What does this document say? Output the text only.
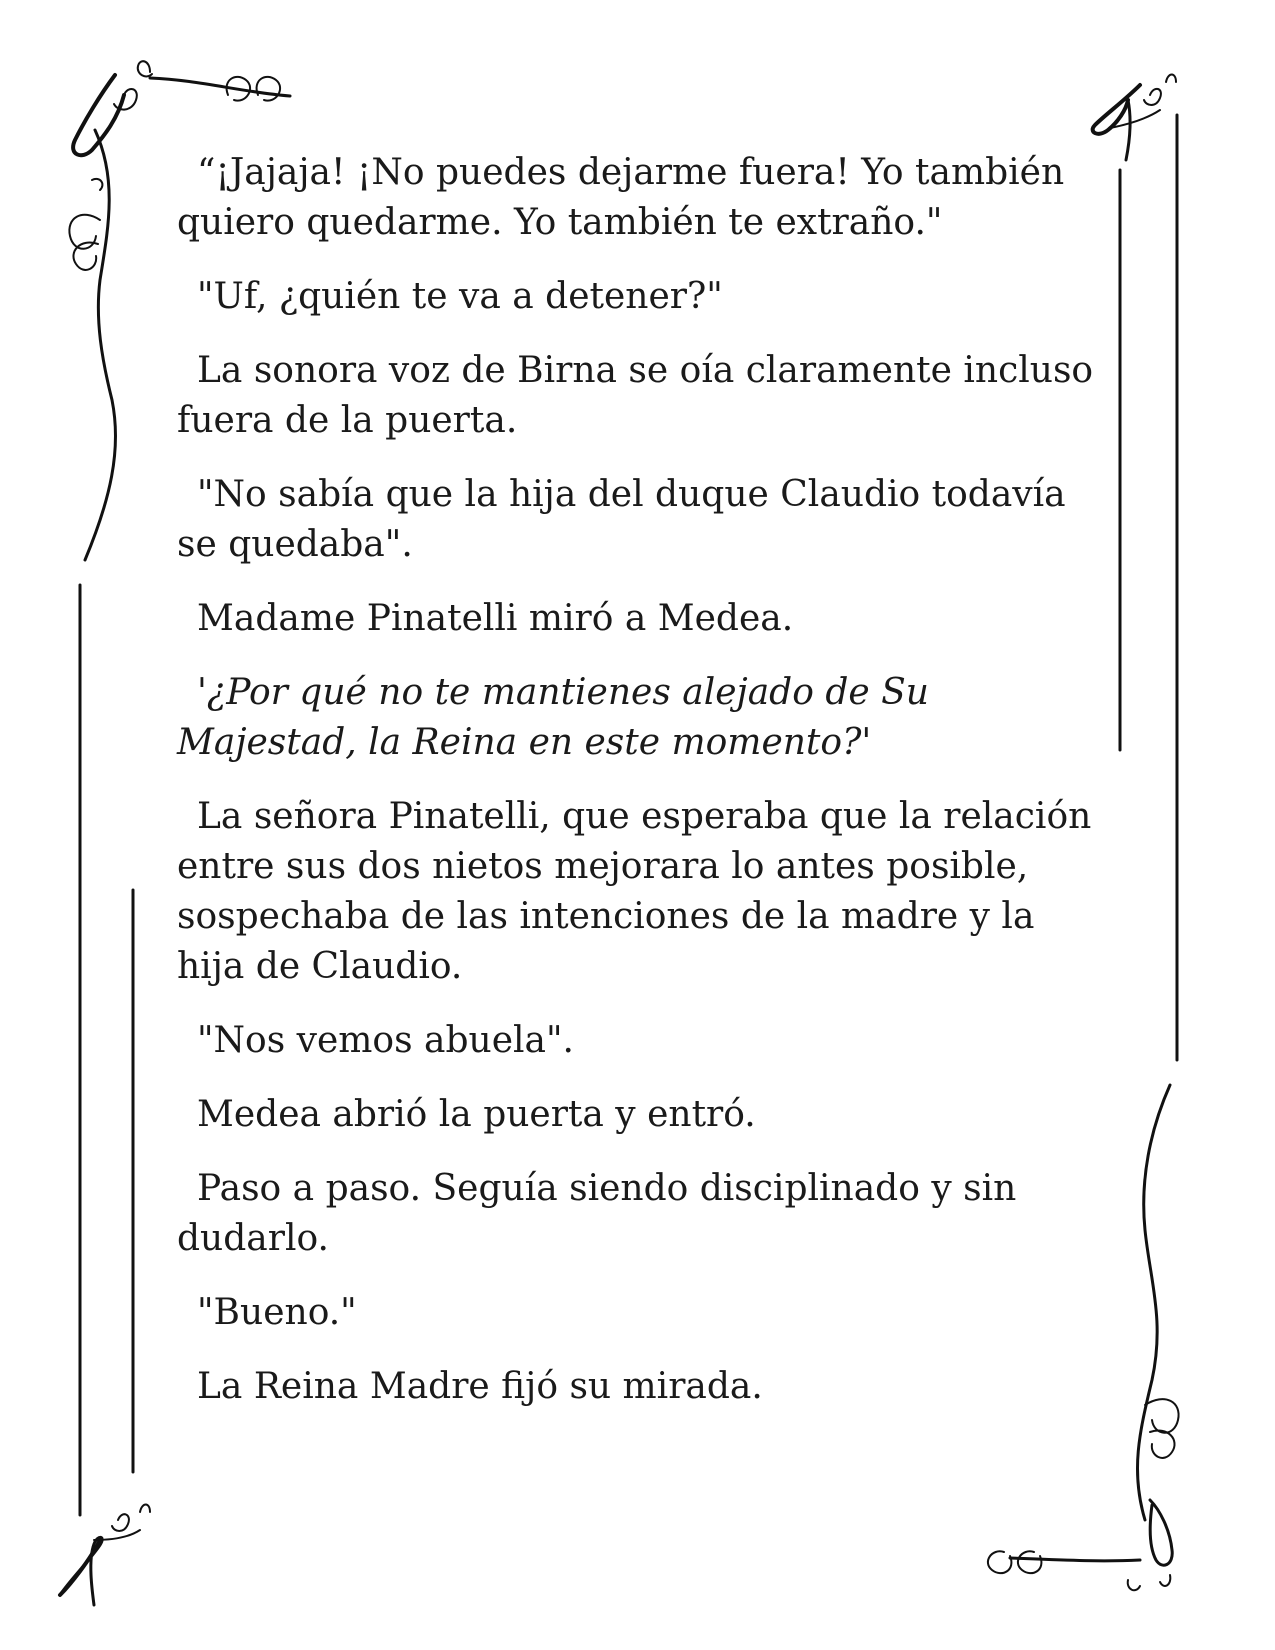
“¡Jajaja! ¡No puedes dejarme fuera! Yo también quiero quedarme. Yo también te extraño."

"Uf, ¿quién te va a detener?"

La sonora voz de Birna se oía claramente incluso fuera de la puerta.

"No sabía que la hija del duque Claudio todavía se quedaba".

Madame Pinatelli miró a Medea.

'¿Por qué no te mantienes alejado de Su Majestad, la Reina en este momento?'

La señora Pinatelli, que esperaba que la relación entre sus dos nietos mejorara lo antes posible, sospechaba de las intenciones de la madre y la hija de Claudio.

"Nos vemos abuela".

Medea abrió la puerta y entró.

Paso a paso. Seguía siendo disciplinado y sin dudarlo.

"Bueno."

La Reina Madre fijó su mirada.
